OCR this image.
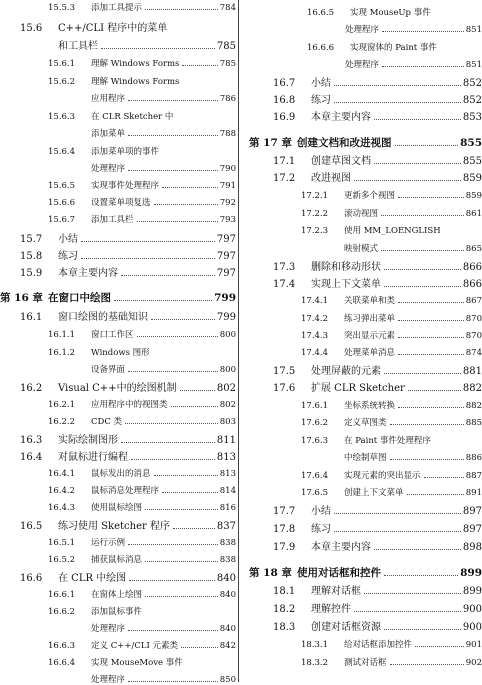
15.5.3	添加工具提示	784
15.6	C++/CLI 程序中的菜单
和工具栏	785
15.6.1	理解 Windows Forms	785
15.6.2	理解 Windows Forms
应用程序	786
15.6.3	在 CLR Sketcher 中
添加菜单	788
15.6.4	添加菜单项的事件
处理程序	790
15.6.5	实现事件处理程序	791
15.6.6	设置菜单项复选	792
15.6.7	添加工具栏	793
15.7	小结	797
15.8	练习	797
15.9	本章主要内容	797
第 16 章 在窗口中绘图	799
16.1	窗口绘图的基础知识	799
16.1.1	窗口工作区	800
16.1.2	Windows 图形
设备界面	800
16.2	Visual C++中的绘图机制	802
16.2.1	应用程序中的视图类	802
16.2.2	CDC 类	803
16.3	实际绘制图形	811
16.4	对鼠标进行编程	813
16.4.1	鼠标发出的消息	813
16.4.2	鼠标消息处理程序	814
16.4.3	使用鼠标绘图	816
16.5	练习使用 Sketcher 程序	837
16.5.1	运行示例	838
16.5.2	捕获鼠标消息	838
16.6	在 CLR 中绘图	840
16.6.1	在窗体上绘图	840
16.6.2	添加鼠标事件
处理程序	840
16.6.3	定义 C++/CLI 元素类	842
16.6.4	实现 MouseMove 事件
处理程序	850
16.6.5	实现 MouseUp 事件
处理程序	851
16.6.6	实现窗体的 Paint 事件
处理程序	851
16.7	小结	852
16.8	练习	852
16.9	本章主要内容	853
第 17 章 创建文档和改进视图	855
17.1	创建草图文档	855
17.2	改进视图	859
17.2.1	更新多个视图	859
17.2.2	滚动视图	861
17.2.3	使用 MM_LOENGLISH
映射模式	865
17.3	删除和移动形状	866
17.4	实现上下文菜单	866
17.4.1	关联菜单和类	867
17.4.2	练习弹出菜单	870
17.4.3	突出显示元素	870
17.4.4	处理菜单消息	874
17.5	处理屏蔽的元素	881
17.6	扩展 CLR Sketcher	882
17.6.1	坐标系统转换	882
17.6.2	定义草图类	885
17.6.3	在 Paint 事件处理程序
中绘制草图	886
17.6.4	实现元素的突出显示	887
17.6.5	创建上下文菜单	891
17.7	小结	897
17.8	练习	897
17.9	本章主要内容	898
第 18 章 使用对话框和控件	899
18.1	理解对话框	899
18.2	理解控件	900
18.3	创建对话框资源	900
18.3.1	给对话框添加控件	901
18.3.2	测试对话框	902
